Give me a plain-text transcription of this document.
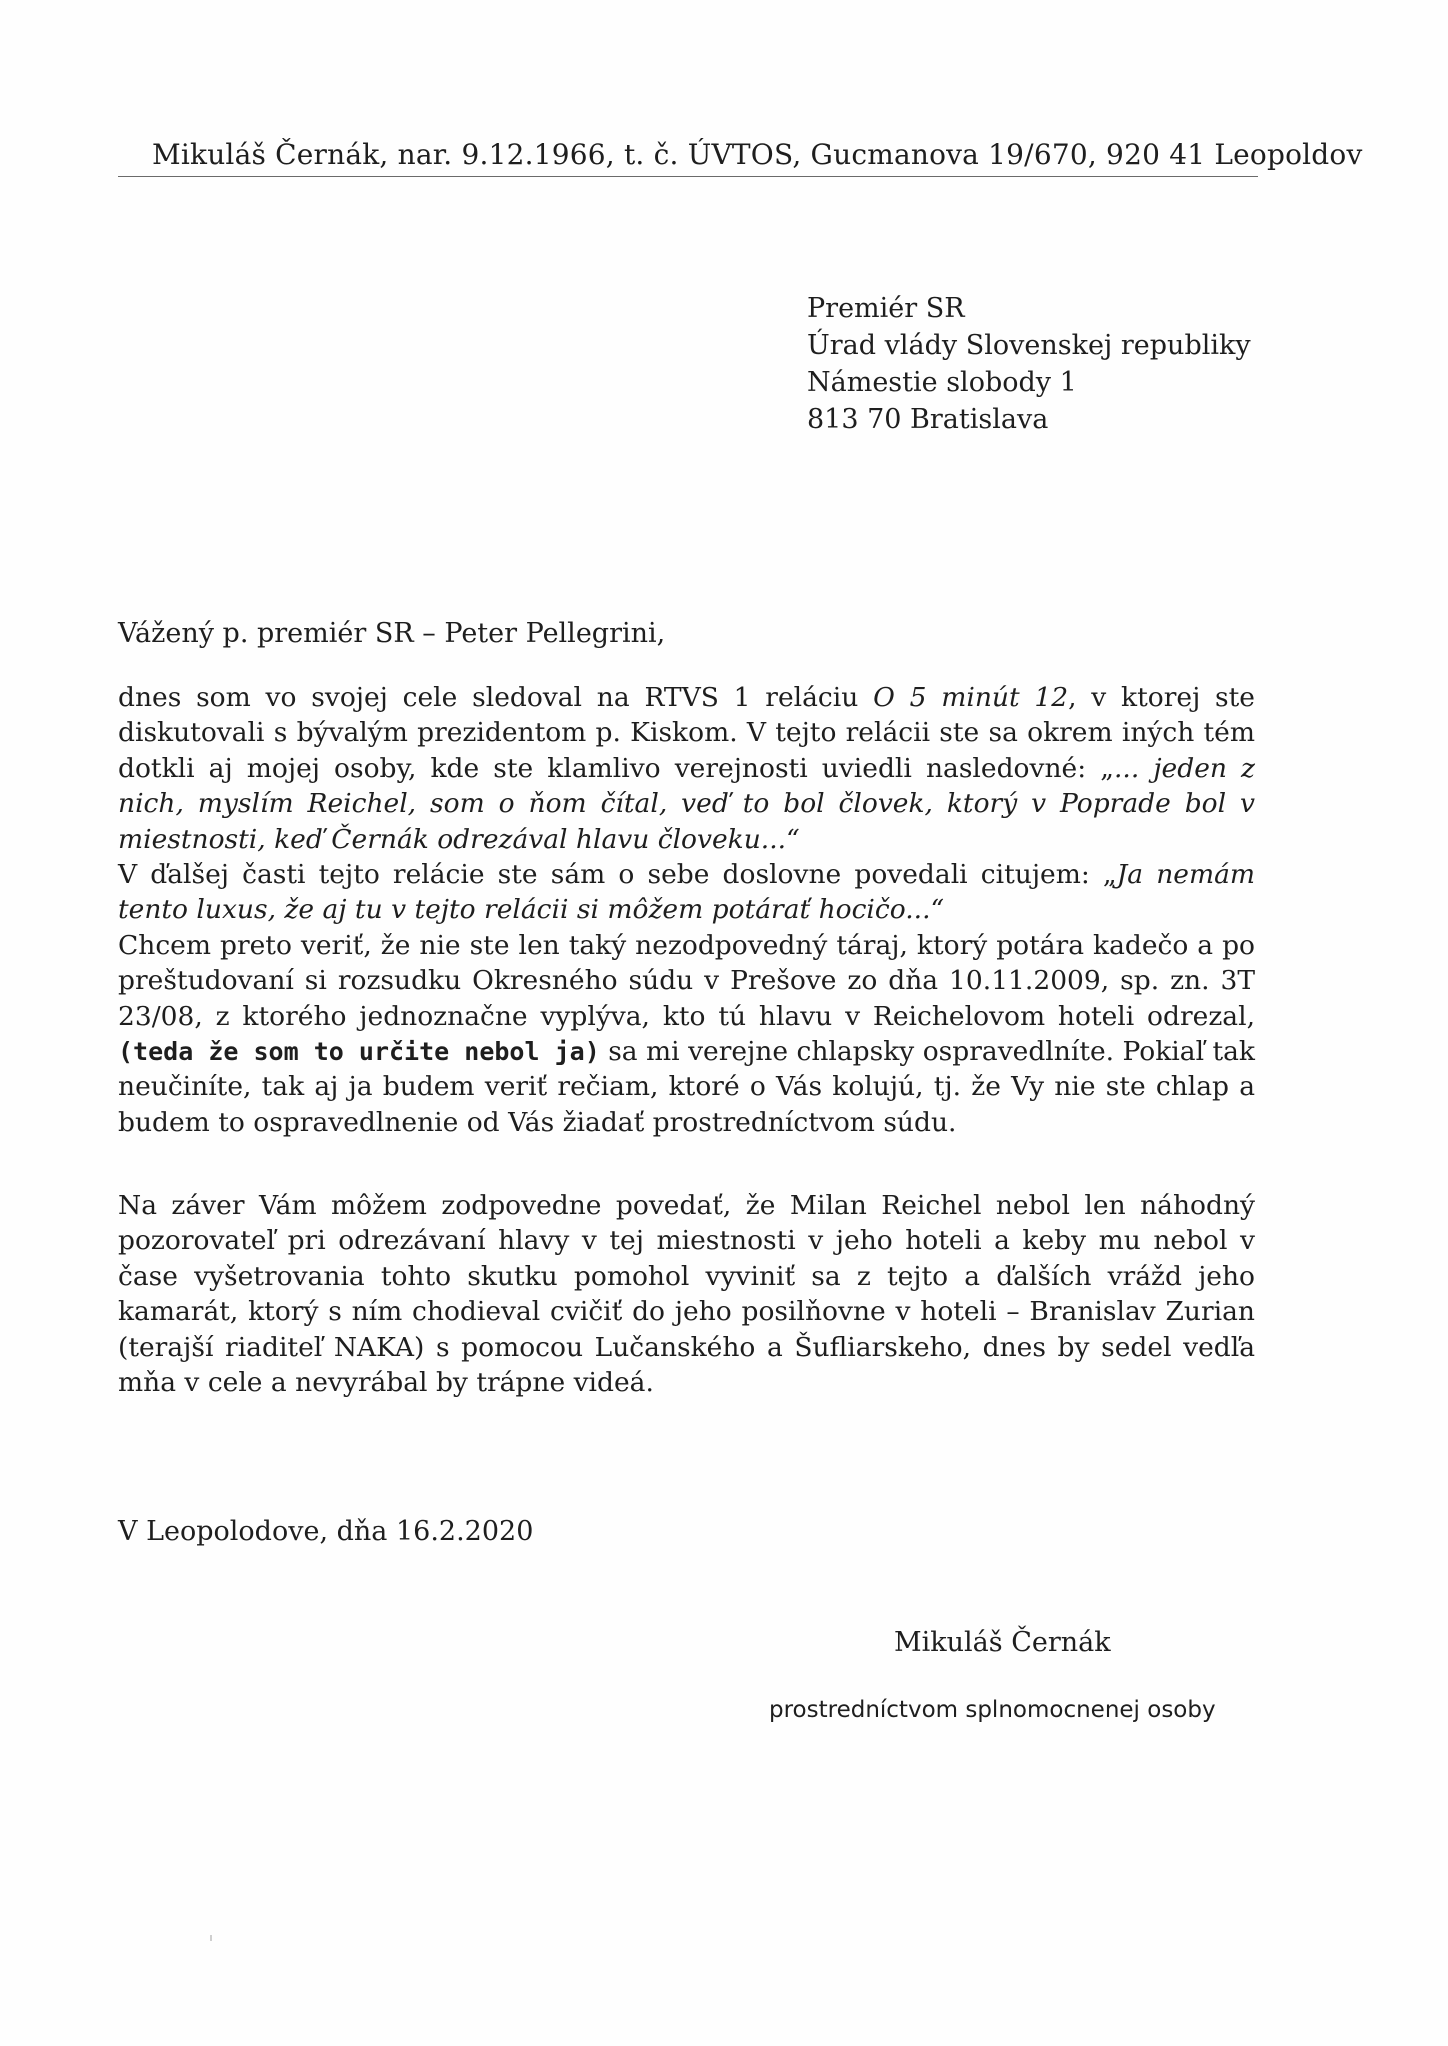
Mikuláš Černák, nar. 9.12.1966, t. č. ÚVTOS, Gucmanova 19/670, 920 41 Leopoldov
Premiér SR
Úrad vlády Slovenskej republiky
Námestie slobody 1
813 70 Bratislava
Vážený p. premiér SR – Peter Pellegrini,

dnes som vo svojej cele sledoval na RTVS 1 reláciu O 5 minút 12, v ktorej ste diskutovali s bývalým prezidentom p. Kiskom. V tejto relácii ste sa okrem iných tém dotkli aj mojej osoby, kde ste klamlivo verejnosti uviedli nasledovné: „... jeden z nich, myslím Reichel, som o ňom čítal, veď to bol človek, ktorý v Poprade bol v miestnosti, keď Černák odrezával hlavu človeku...“

V ďalšej časti tejto relácie ste sám o sebe doslovne povedali citujem: „Ja nemám tento luxus, že aj tu v tejto relácii si môžem potárať hocičo...“

Chcem preto veriť, že nie ste len taký nezodpovedný táraj, ktorý potára kadečo a po preštudovaní si rozsudku Okresného súdu v Prešove zo dňa 10.11.2009, sp. zn. 3T 23/08, z ktorého jednoznačne vyplýva, kto tú hlavu v Reichelovom hoteli odrezal, (teda že som to určite nebol ja) sa mi verejne chlapsky ospravedlníte. Pokiaľ tak neučiníte, tak aj ja budem veriť rečiam, ktoré o Vás kolujú, tj. že Vy nie ste chlap a budem to ospravedlnenie od Vás žiadať prostredníctvom súdu.

Na záver Vám môžem zodpovedne povedať, že Milan Reichel nebol len náhodný pozorovateľ pri odrezávaní hlavy v tej miestnosti v jeho hoteli a keby mu nebol v čase vyšetrovania tohto skutku pomohol vyviniť sa z tejto a ďalších vrážd jeho kamarát, ktorý s ním chodieval cvičiť do jeho posilňovne v hoteli – Branislav Zurian (terajší riaditeľ NAKA) s pomocou Lučanského a Šufliarskeho, dnes by sedel vedľa mňa v cele a nevyrábal by trápne videá.
V Leopolodove, dňa 16.2.2020
Mikuláš Černák
prostredníctvom splnomocnenej osoby
